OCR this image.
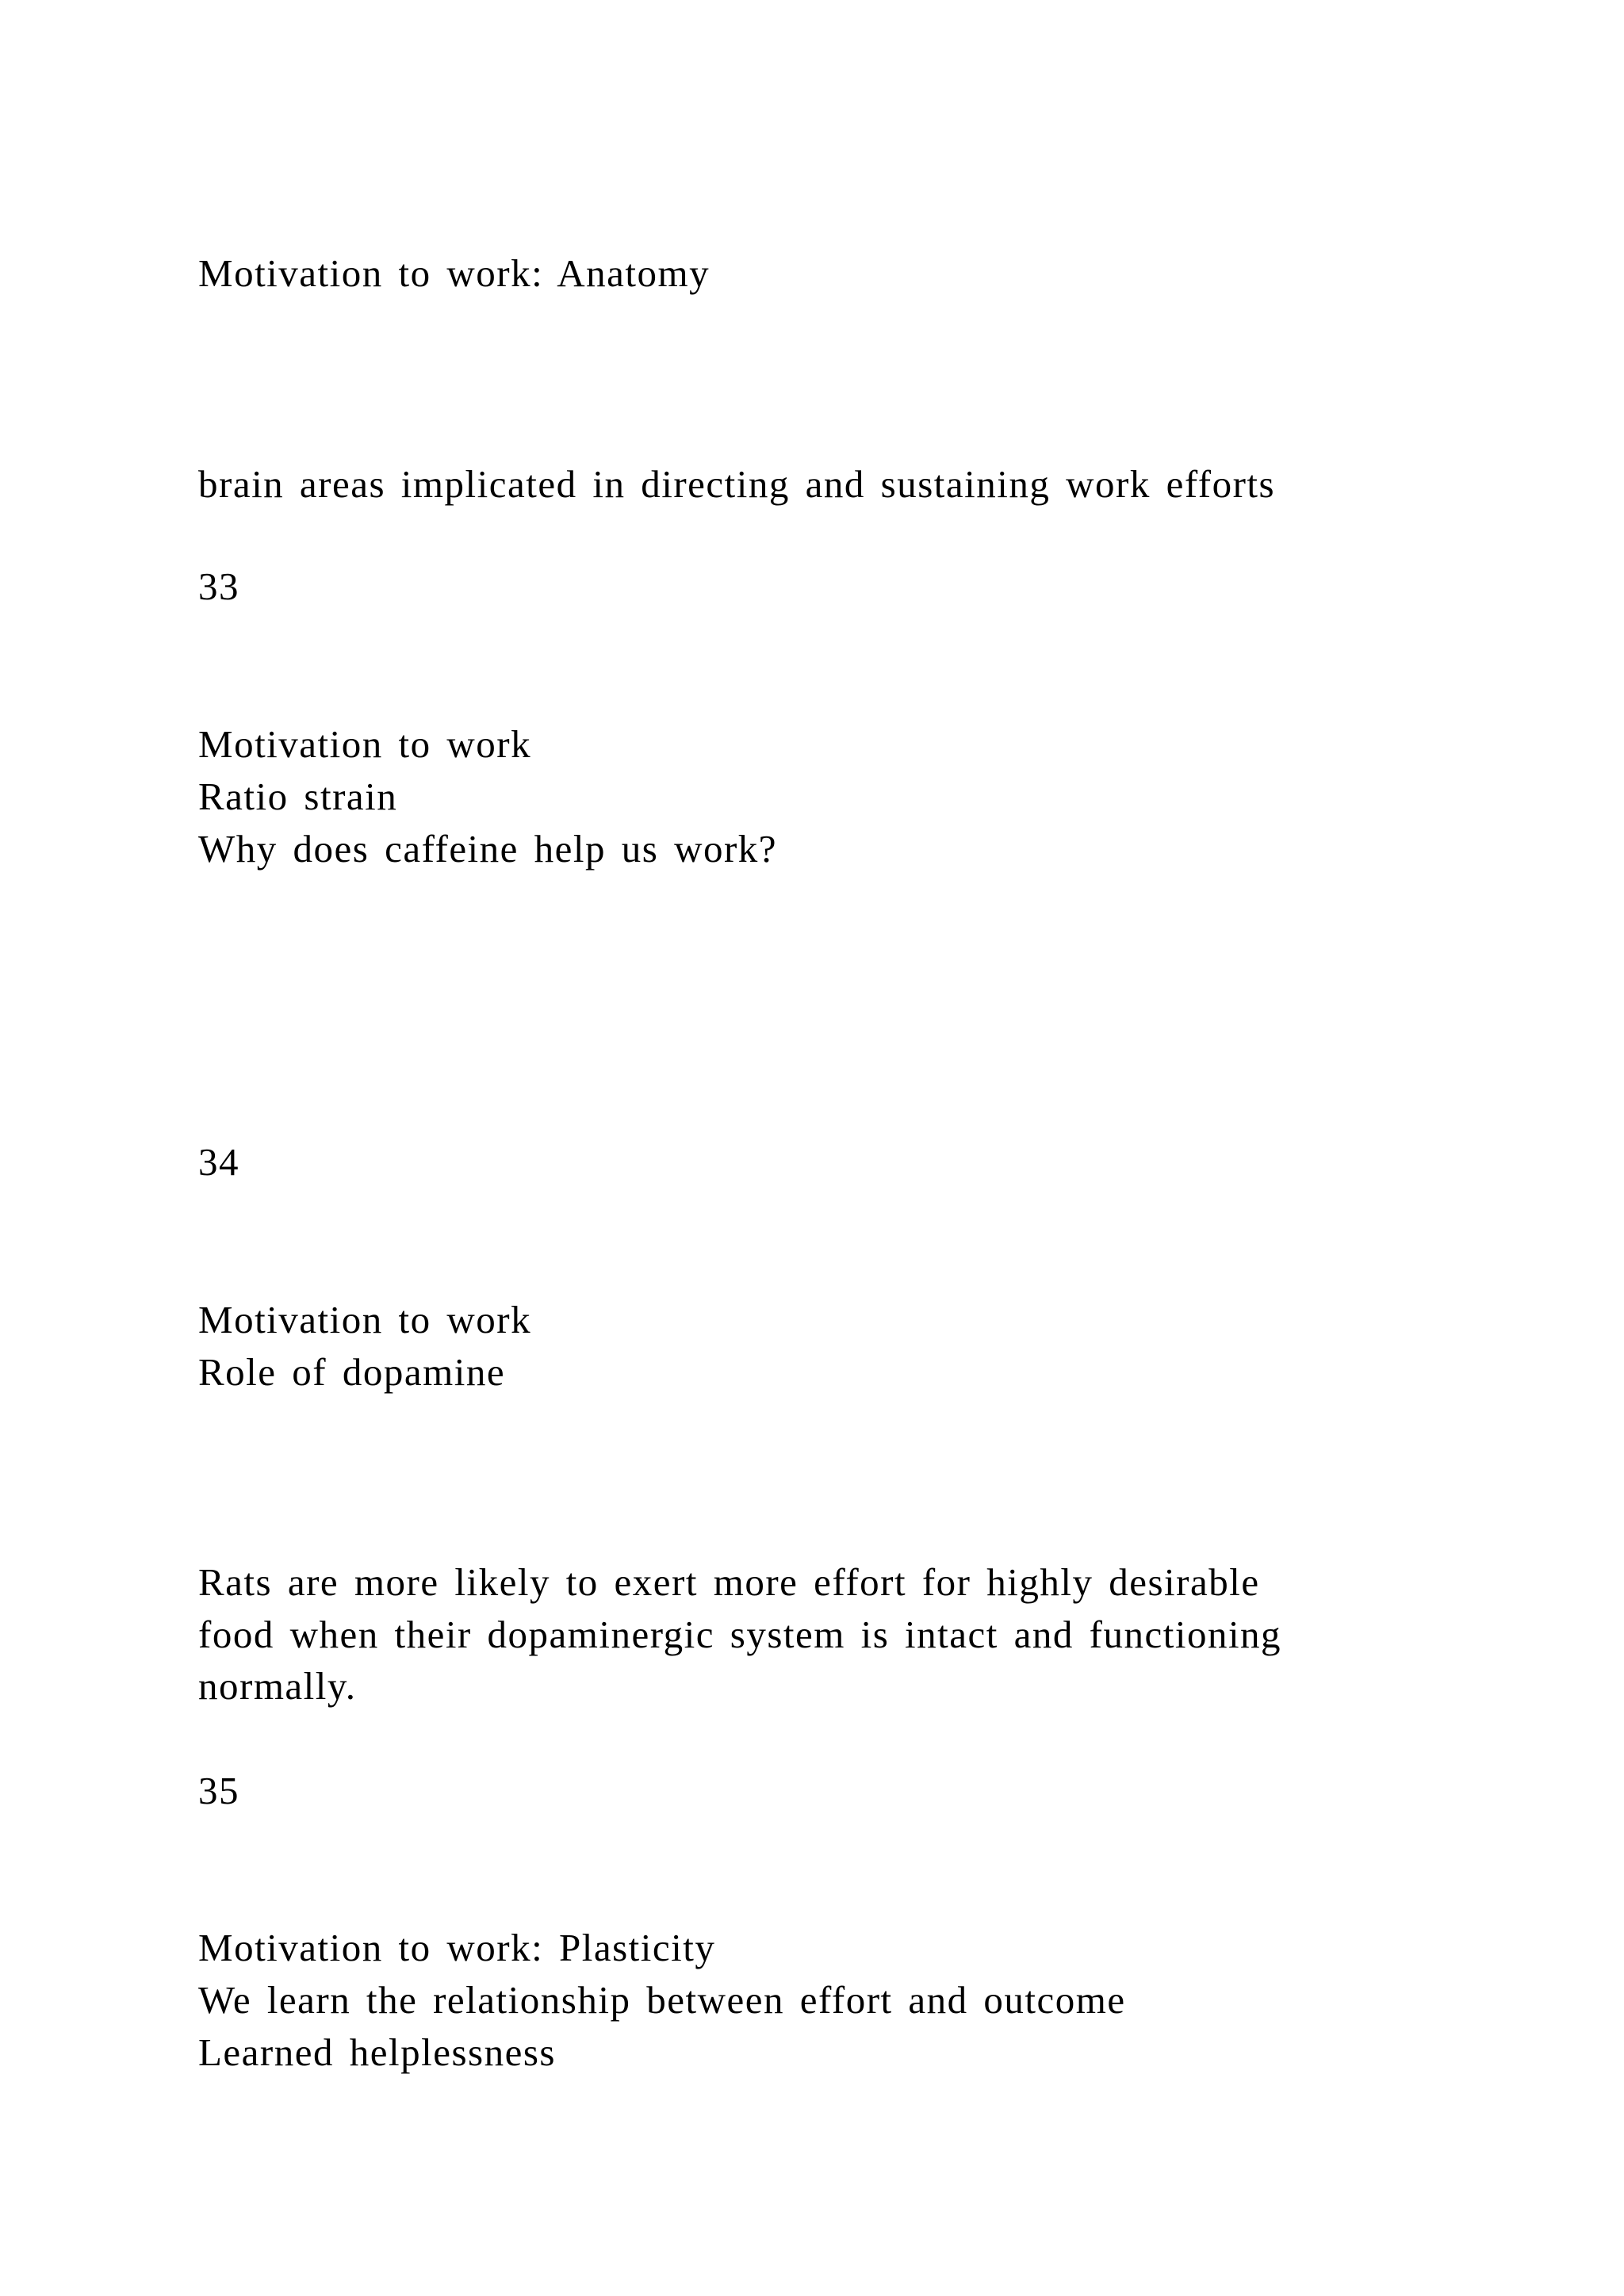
Motivation to work: Anatomy

brain areas implicated in directing and sustaining work efforts

33

Motivation to work

Ratio strain

Why does caffeine help us work?

34

Motivation to work

Role of dopamine

Rats are more likely to exert more effort for highly desirable

food when their dopaminergic system is intact and functioning

normally.

35

Motivation to work: Plasticity

We learn the relationship between effort and outcome

Learned helplessness
